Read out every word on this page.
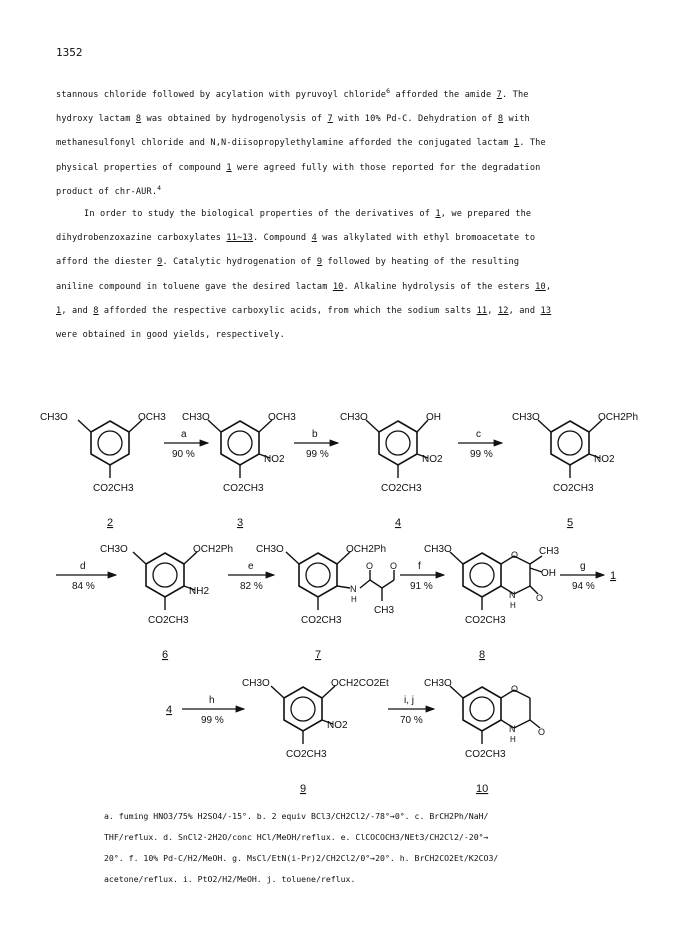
1352
stannous chloride followed by acylation with pyruvoyl chloride$^6$ afforded the amide 7. The
hydroxy lactam 8 was obtained by hydrogenolysis of 7 with 10% Pd-C. Dehydration of 8 with
methanesulfonyl chloride and N,N-diisopropylethylamine afforded the conjugated lactam 1. The
physical properties of compound 1 were agreed fully with those reported for the degradation
product of chr-AUR.$^4$
In order to study the biological properties of the derivatives of 1, we prepared the
dihydrobenzoxazine carboxylates 11~13. Compound 4 was alkylated with ethyl bromoacetate to
afford the diester 9. Catalytic hydrogenation of 9 followed by heating of the resulting
aniline compound in toluene gave the desired lactam 10. Alkaline hydrolysis of the esters 10,
1, and 8 afforded the respective carboxylic acids, from which the sodium salts 11, 12, and 13
were obtained in good yields, respectively.
CH3O	OCH3
CO2CH3
2
a
90 %
CH3O	OCH3
NO2
CO2CH3
3
b
99 %
CH3O	OH
NO2
CO2CH3
4
c
99 %
CH3O	OCH2Ph
NO2
CO2CH3
5
d
84 %
CH3O	OCH2Ph
NH2
CO2CH3
6
e
82 %
CH3O	OCH2Ph
N
H
O O
CH3
CO2CH3
7
f
91 %
CH3O	O CH3
OH
N
H
O
CO2CH3
8
g
94 %
1
4
h
99 %
CH3O	OCH2CO2Et
NO2
CO2CH3
9
i, j
70 %
CH3O	O
N
H
O
CO2CH3
10
a. fuming HNO3/75% H2SO4/-15°. b. 2 equiv BCl3/CH2Cl2/-78°→0°. c. BrCH2Ph/NaH/
THF/reflux. d. SnCl2·2H2O/conc HCl/MeOH/reflux. e. ClCOCOCH3/NEt3/CH2Cl2/-20°→
20°. f. 10% Pd-C/H2/MeOH. g. MsCl/EtN(i-Pr)2/CH2Cl2/0°→20°. h. BrCH2CO2Et/K2CO3/
acetone/reflux. i. PtO2/H2/MeOH. j. toluene/reflux.
